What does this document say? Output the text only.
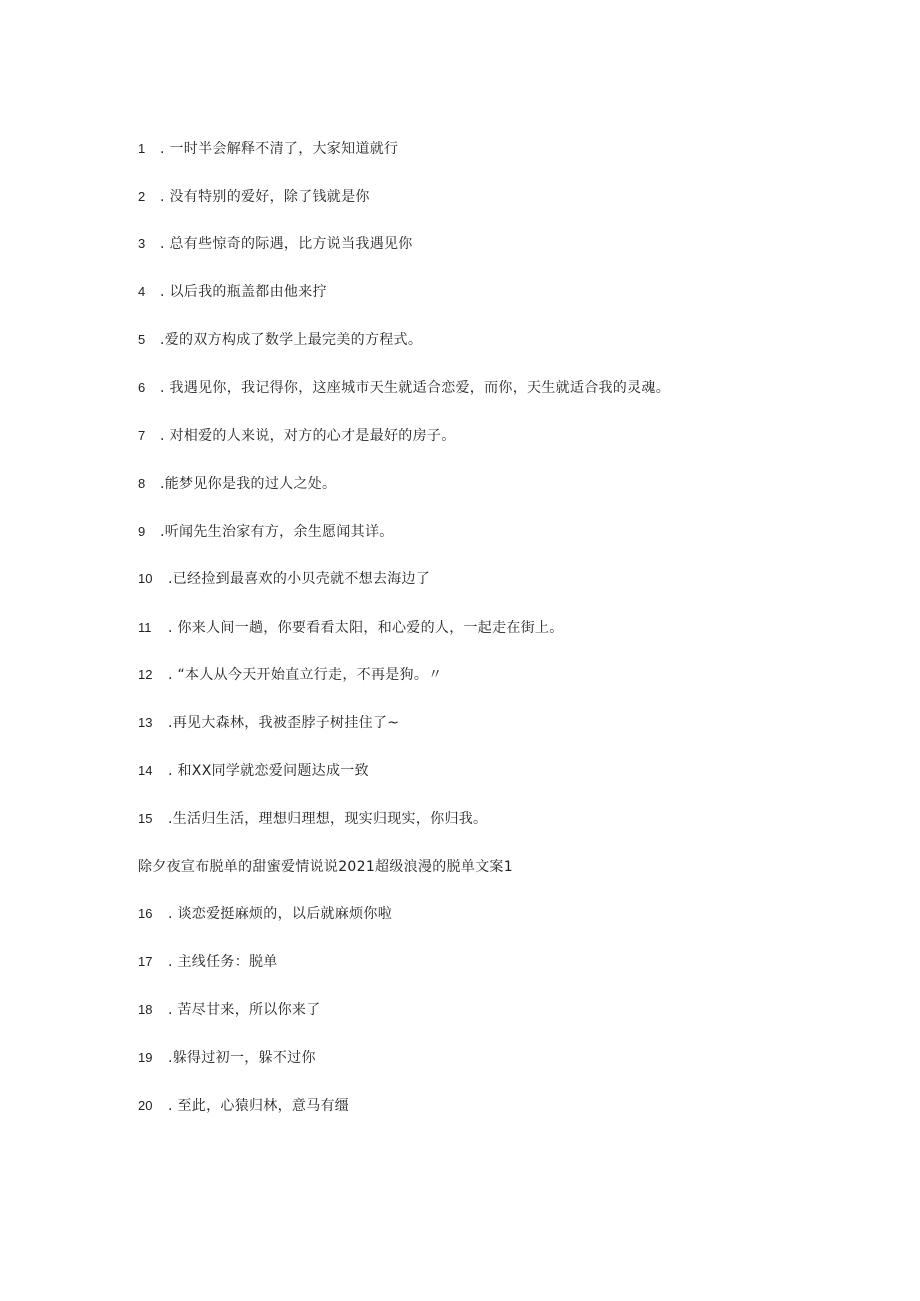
1	. 一时半会解释不清了，大家知道就行
2	. 没有特别的爱好，除了钱就是你
3	. 总有些惊奇的际遇，比方说当我遇见你
4	. 以后我的瓶盖都由他来拧
5	.爱的双方构成了数学上最完美的方程式。
6	. 我遇见你，我记得你，这座城市天生就适合恋爱，而你，天生就适合我的灵魂。
7	. 对相爱的人来说，对方的心才是最好的房子。
8	.能梦见你是我的过人之处。
9	.听闻先生治家有方，余生愿闻其详。
10	.已经捡到最喜欢的小贝壳就不想去海边了
11	. 你来人间一趟，你要看看太阳，和心爱的人，一起走在街上。
12	. “本人从今天开始直立行走，不再是狗。〃
13	.再见大森林，我被歪脖子树挂住了~
14	. 和XX同学就恋爱问题达成一致
15	.生活归生活，理想归理想，现实归现实，你归我。
除夕夜宣布脱单的甜蜜爱情说说2021超级浪漫的脱单文案1
16	. 谈恋爱挺麻烦的，以后就麻烦你啦
17	. 主线任务：脱单
18	. 苦尽甘来，所以你来了
19	.躲得过初一，躲不过你
20	. 至此，心猿归林，意马有缰
